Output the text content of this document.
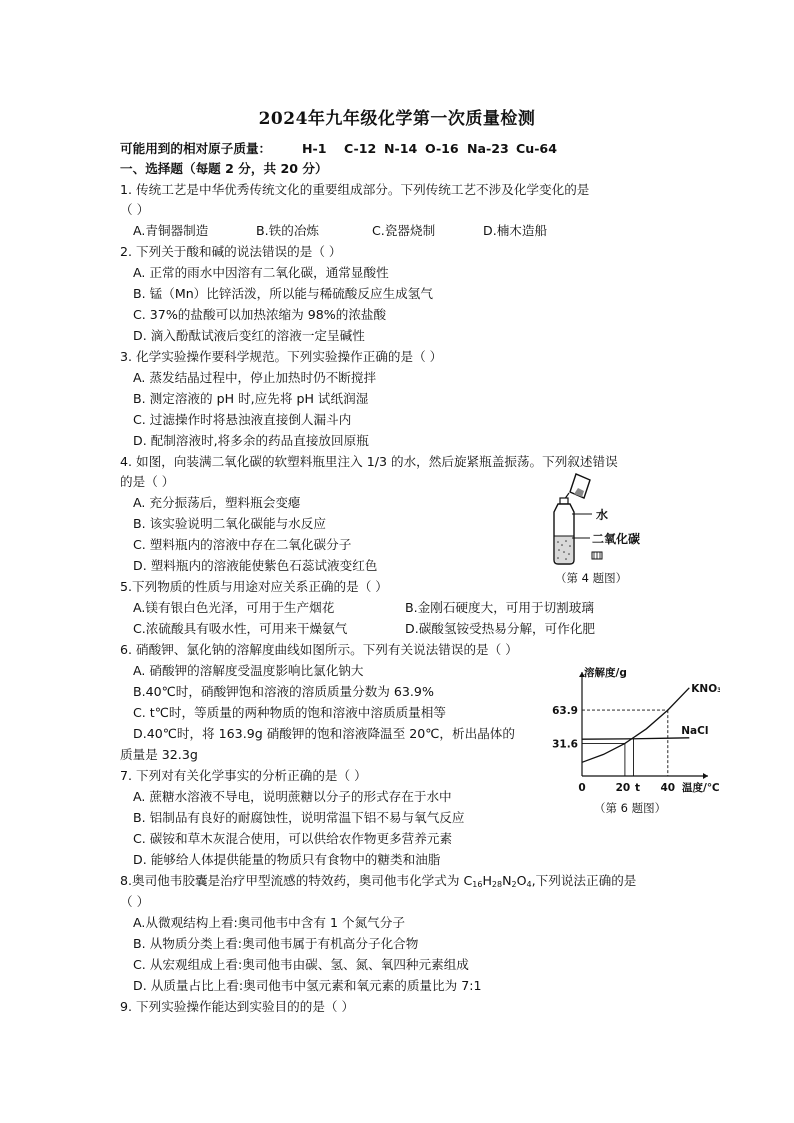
2024年九年级化学第一次质量检测
可能用到的相对原子质量： H-1 C-12 N-14 O-16 Na-23 Cu-64
一、选择题（每题 2 分，共 20 分）
1. 传统工艺是中华优秀传统文化的重要组成部分。下列传统工艺不涉及化学变化的是
（ ）
A.青铜器制造	B.铁的冶炼	C.瓷器烧制	D.楠木造船
2. 下列关于酸和碱的说法错误的是（ ）
A. 正常的雨水中因溶有二氧化碳，通常显酸性
B. 锰（Mn）比锌活泼，所以能与稀硫酸反应生成氢气
C. 37%的盐酸可以加热浓缩为 98%的浓盐酸
D. 滴入酚酞试液后变红的溶液一定呈碱性
3. 化学实验操作要科学规范。下列实验操作正确的是（ ）
A. 蒸发结晶过程中，停止加热时仍不断搅拌
B. 测定溶液的 pH 时,应先将 pH 试纸润湿
C. 过滤操作时将悬浊液直接倒人漏斗内
D. 配制溶液时,将多余的药品直接放回原瓶
4. 如图，向装满二氧化碳的软塑料瓶里注入 1/3 的水，然后旋紧瓶盖振荡。下列叙述错误
的是（ ）
A. 充分振荡后，塑料瓶会变瘪
B. 该实验说明二氧化碳能与水反应
C. 塑料瓶内的溶液中存在二氧化碳分子
D. 塑料瓶内的溶液能使紫色石蕊试液变红色
水
二氧化碳
（第 4 题图）
5.下列物质的性质与用途对应关系正确的是（ ）
A.镁有银白色光泽，可用于生产烟花	B.金刚石硬度大，可用于切割玻璃
C.浓硫酸具有吸水性，可用来干燥氨气	D.碳酸氢铵受热易分解，可作化肥
6. 硝酸钾、氯化钠的溶解度曲线如图所示。下列有关说法错误的是（ ）
A. 硝酸钾的溶解度受温度影响比氯化钠大
B.40℃时，硝酸钾饱和溶液的溶质质量分数为 63.9%
C. t℃时，等质量的两种物质的饱和溶液中溶质质量相等
D.40℃时，将 163.9g 硝酸钾的饱和溶液降温至 20℃，析出晶体的
质量是 32.3g
KNO₃
NaCl
63.9
31.6
0	20 t 40
溶解度/g
温度/℃
（第 6 题图）
7. 下列对有关化学事实的分析正确的是（ ）
A. 蔗糖水溶液不导电，说明蔗糖以分子的形式存在于水中
B. 铝制品有良好的耐腐蚀性，说明常温下铝不易与氧气反应
C. 碳铵和草木灰混合使用，可以供给农作物更多营养元素
D. 能够给人体提供能量的物质只有食物中的糖类和油脂
8.奥司他韦胶囊是治疗甲型流感的特效药，奥司他韦化学式为 $C_{16}H_{28}N_2O_4$,下列说法正确的是
（ ）
A.从微观结构上看:奥司他韦中含有 1 个氮气分子
B. 从物质分类上看:奥司他韦属于有机高分子化合物
C. 从宏观组成上看:奥司他韦由碳、氢、氮、氧四种元素组成
D. 从质量占比上看:奥司他韦中氢元素和氧元素的质量比为 7:1
9. 下列实验操作能达到实验目的的是（ ）
